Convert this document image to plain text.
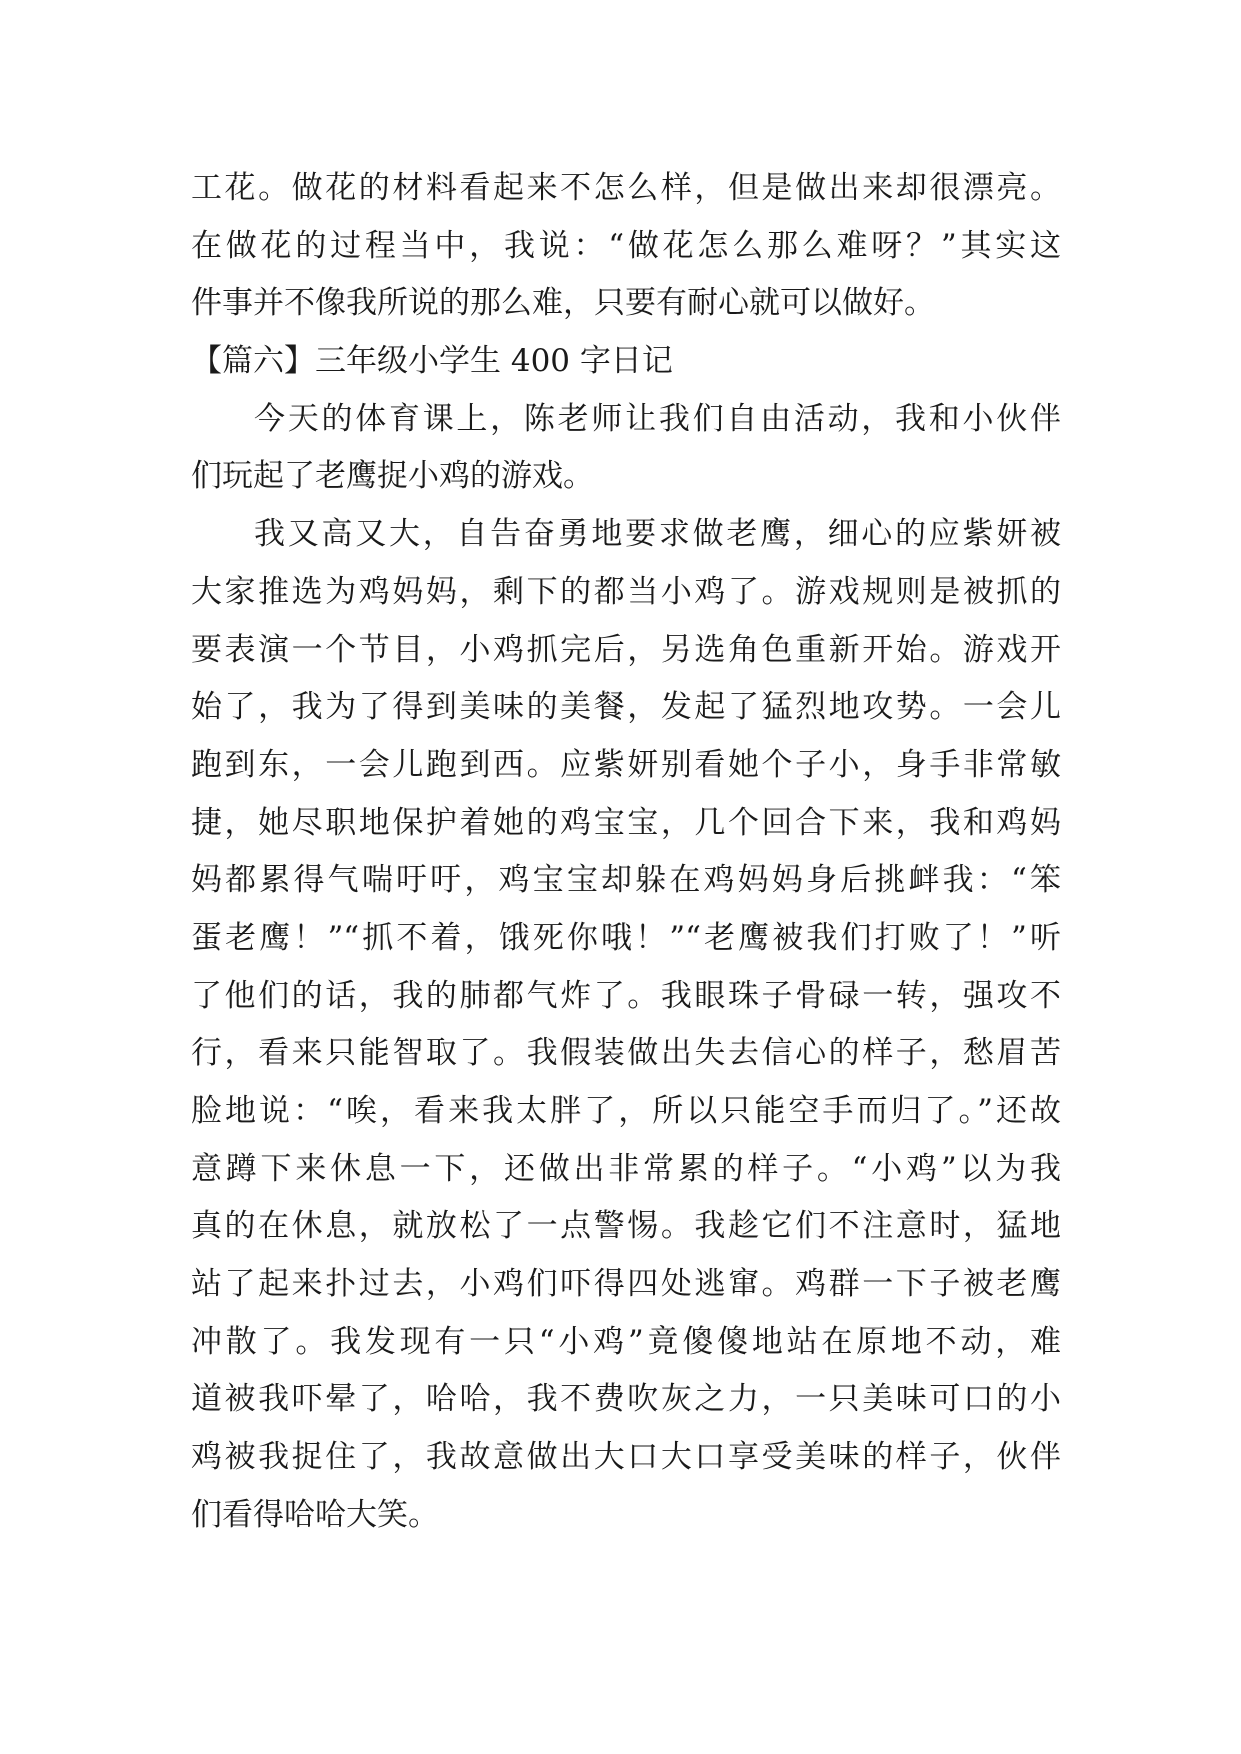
工花。做花的材料看起来不怎么样，但是做出来却很漂亮。
在做花的过程当中，我说：“做花怎么那么难呀？”其实这
件事并不像我所说的那么难，只要有耐心就可以做好。
【篇六】三年级小学生 400 字日记
今天的体育课上，陈老师让我们自由活动，我和小伙伴
们玩起了老鹰捉小鸡的游戏。
我又高又大，自告奋勇地要求做老鹰，细心的应紫妍被
大家推选为鸡妈妈，剩下的都当小鸡了。游戏规则是被抓的
要表演一个节目，小鸡抓完后，另选角色重新开始。游戏开
始了，我为了得到美味的美餐，发起了猛烈地攻势。一会儿
跑到东，一会儿跑到西。应紫妍别看她个子小，身手非常敏
捷，她尽职地保护着她的鸡宝宝，几个回合下来，我和鸡妈
妈都累得气喘吁吁，鸡宝宝却躲在鸡妈妈身后挑衅我：“笨
蛋老鹰！”“抓不着，饿死你哦！”“老鹰被我们打败了！”听
了他们的话，我的肺都气炸了。我眼珠子骨碌一转，强攻不
行，看来只能智取了。我假装做出失去信心的样子，愁眉苦
脸地说：“唉，看来我太胖了，所以只能空手而归了。”还故
意蹲下来休息一下，还做出非常累的样子。“小鸡”以为我
真的在休息，就放松了一点警惕。我趁它们不注意时，猛地
站了起来扑过去，小鸡们吓得四处逃窜。鸡群一下子被老鹰
冲散了。我发现有一只“小鸡”竟傻傻地站在原地不动，难
道被我吓晕了，哈哈，我不费吹灰之力，一只美味可口的小
鸡被我捉住了，我故意做出大口大口享受美味的样子，伙伴
们看得哈哈大笑。
